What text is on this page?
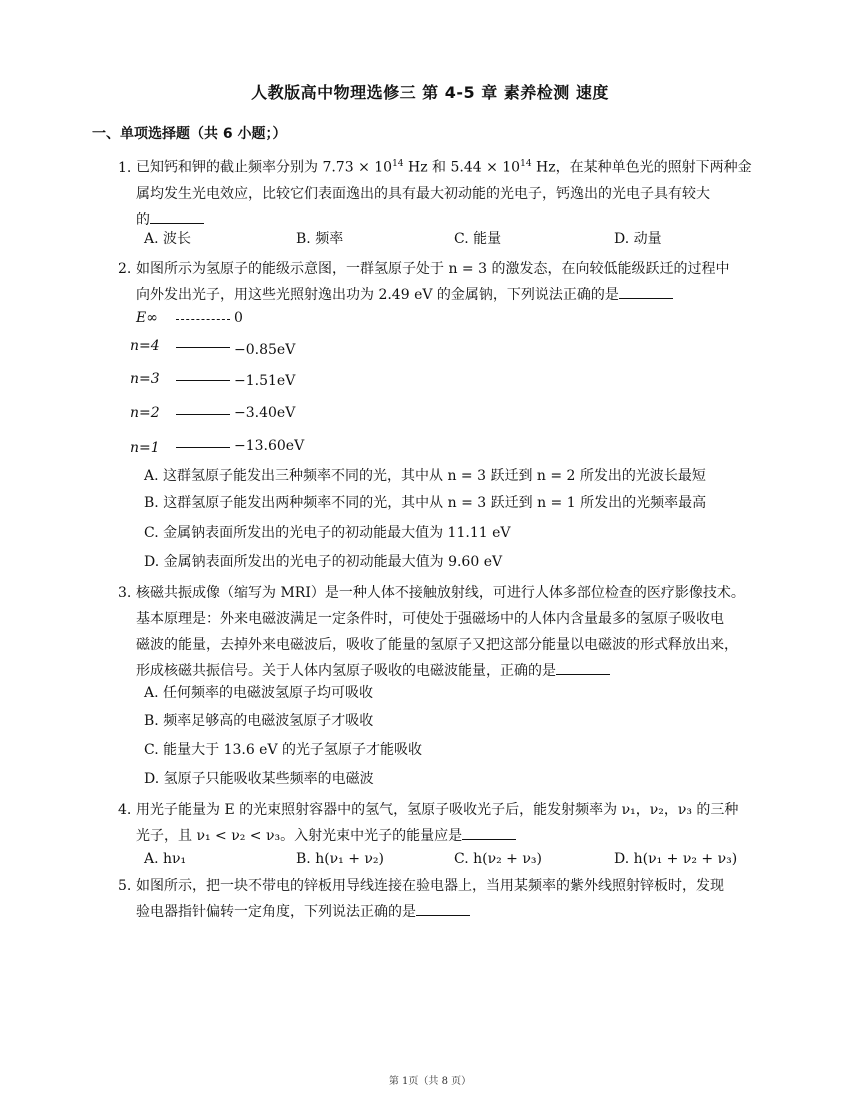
人教版高中物理选修三 第 4-5 章 素养检测 速度
一、单项选择题（共 6 小题；）
1. 已知钙和钾的截止频率分别为 $7.73 \times 10^{14}$ Hz 和 $5.44 \times 10^{14}$ Hz，在某种单色光的照射下两种金
属均发生光电效应，比较它们表面逸出的具有最大初动能的光电子，钙逸出的光电子具有较大
的
A. 波长	B. 频率	C. 能量	D. 动量
2. 如图所示为氢原子的能级示意图，一群氢原子处于 n = 3 的激发态，在向较低能级跃迁的过程中
向外发出光子，用这些光照射逸出功为 2.49 eV 的金属钠，下列说法正确的是
E∞	0
n=4	−0.85eV
n=3	−1.51eV
n=2	−3.40eV
n=1	−13.60eV
A. 这群氢原子能发出三种频率不同的光，其中从 n = 3 跃迁到 n = 2 所发出的光波长最短
B. 这群氢原子能发出两种频率不同的光，其中从 n = 3 跃迁到 n = 1 所发出的光频率最高
C. 金属钠表面所发出的光电子的初动能最大值为 11.11 eV
D. 金属钠表面所发出的光电子的初动能最大值为 9.60 eV
3. 核磁共振成像（缩写为 MRI）是一种人体不接触放射线，可进行人体多部位检查的医疗影像技术。
基本原理是：外来电磁波满足一定条件时，可使处于强磁场中的人体内含量最多的氢原子吸收电
磁波的能量，去掉外来电磁波后，吸收了能量的氢原子又把这部分能量以电磁波的形式释放出来，
形成核磁共振信号。关于人体内氢原子吸收的电磁波能量，正确的是
A. 任何频率的电磁波氢原子均可吸收
B. 频率足够高的电磁波氢原子才吸收
C. 能量大于 13.6 eV 的光子氢原子才能吸收
D. 氢原子只能吸收某些频率的电磁波
4. 用光子能量为 E 的光束照射容器中的氢气，氢原子吸收光子后，能发射频率为 ν₁，ν₂，ν₃ 的三种
光子，且 ν₁ < ν₂ < ν₃。入射光束中光子的能量应是
A. hν₁	B. h(ν₁ + ν₂)	C. h(ν₂ + ν₃)	D. h(ν₁ + ν₂ + ν₃)
5. 如图所示，把一块不带电的锌板用导线连接在验电器上，当用某频率的紫外线照射锌板时，发现
验电器指针偏转一定角度，下列说法正确的是
第 1页（共 8 页）
